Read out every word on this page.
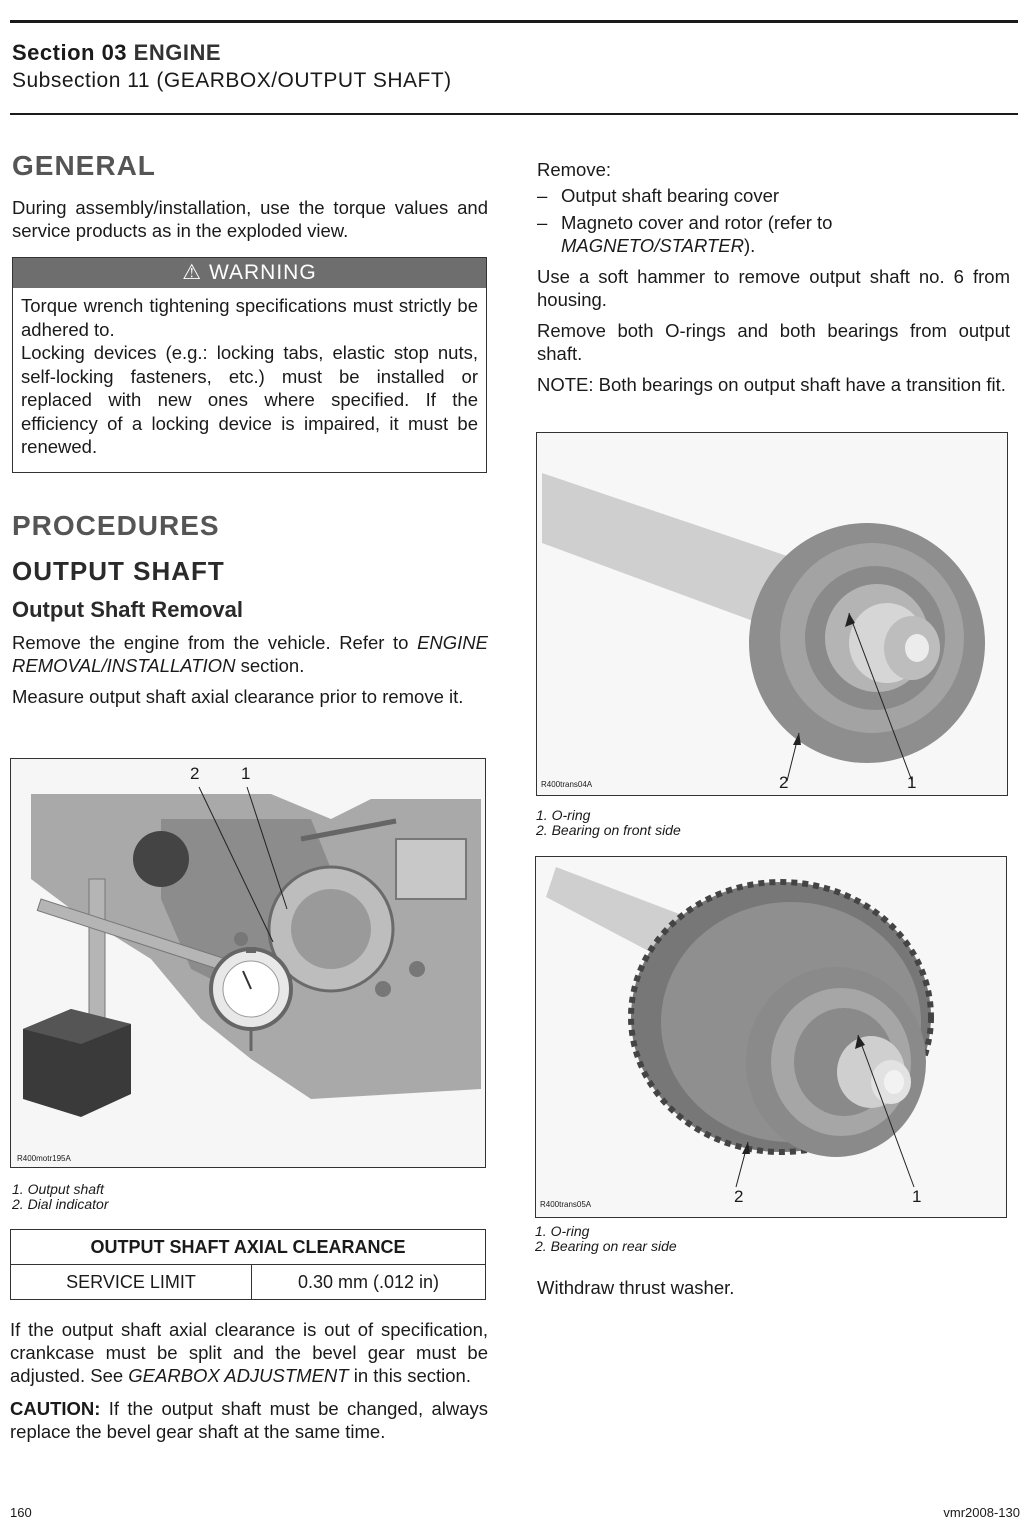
Section 03 ENGINE
Subsection 11 (GEARBOX/OUTPUT SHAFT)
GENERAL

During assembly/installation, use the torque values and service products as in the exploded view.

⚠ WARNING
Torque wrench tightening specifications must strictly be adhered to.
Locking devices (e.g.: locking tabs, elastic stop nuts, self-locking fasteners, etc.) must be installed or replaced with new ones where specified. If the efficiency of a locking device is impaired, it must be renewed.
PROCEDURES
OUTPUT SHAFT
Output Shaft Removal

Remove the engine from the vehicle. Refer to ENGINE REMOVAL/INSTALLATION section.

Measure output shaft axial clearance prior to remove it.

2 1
R400motr195A
1. Output shaft
2. Dial indicator
OUTPUT SHAFT AXIAL CLEARANCE
SERVICE LIMIT	0.30 mm (.012 in)

If the output shaft axial clearance is out of specification, crankcase must be split and the bevel gear must be adjusted. See GEARBOX ADJUSTMENT in this section.

CAUTION: If the output shaft must be changed, always replace the bevel gear shaft at the same time.

Remove:

– Output shaft bearing cover
– Magneto cover and rotor (refer to MAGNETO/STARTER).

Use a soft hammer to remove output shaft no. 6 from housing.

Remove both O-rings and both bearings from output shaft.

NOTE: Both bearings on output shaft have a transition fit.

2	1
R400trans04A
1. O-ring
2. Bearing on front side
2	1
R400trans05A
1. O-ring
2. Bearing on rear side

Withdraw thrust washer.

160	vmr2008-130
